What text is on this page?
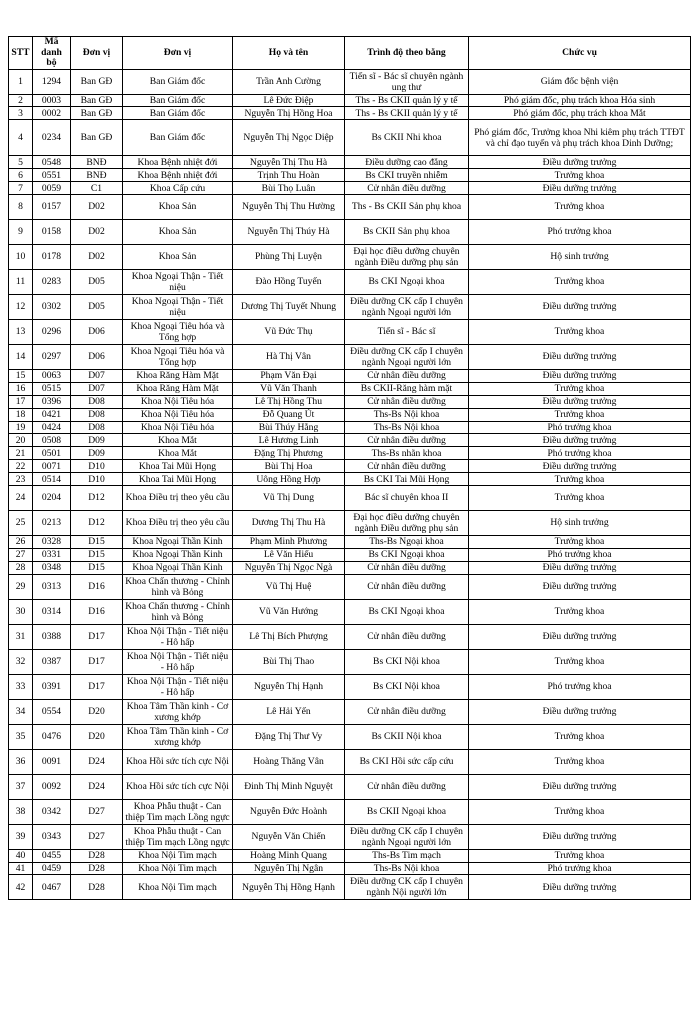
STT	Mã danh bộ	Đơn vị	Đơn vị	Họ và tên	Trình độ theo bằng	Chức vụ
1	1294	Ban GĐ	Ban Giám đốc	Trần Anh Cường	Tiến sĩ - Bác sĩ chuyên ngành ung thư	Giám đốc bệnh viện
2	0003	Ban GĐ	Ban Giám đốc	Lê Đức Điệp	Ths - Bs CKII quản lý y tế	Phó giám đốc, phụ trách khoa Hóa sinh
3	0002	Ban GĐ	Ban Giám đốc	Nguyễn Thị Hồng Hoa	Ths - Bs CKII quản lý y tế	Phó giám đốc, phụ trách khoa Mắt
4	0234	Ban GĐ	Ban Giám đốc	Nguyễn Thị Ngọc Diệp	Bs CKII Nhi khoa	Phó giám đốc, Trưởng khoa Nhi kiêm phụ trách TTĐT và chỉ đạo tuyến và phụ trách khoa Dinh Dưỡng;
5	0548	BNĐ	Khoa Bệnh nhiệt đới	Nguyễn Thị Thu Hà	Điều dưỡng cao đẳng	Điều dưỡng trưởng
6	0551	BNĐ	Khoa Bệnh nhiệt đới	Trịnh Thu Hoàn	Bs CKI truyền nhiễm	Trưởng khoa
7	0059	C1	Khoa Cấp cứu	Bùi Thọ Luân	Cử nhân điều dưỡng	Điều dưỡng trưởng
8	0157	D02	Khoa Sản	Nguyễn Thị Thu Hường	Ths - Bs CKII Sản phụ khoa	Trưởng khoa
9	0158	D02	Khoa Sản	Nguyễn Thị Thúy Hà	Bs CKII Sản phụ khoa	Phó trưởng khoa
10	0178	D02	Khoa Sản	Phùng Thị Luyện	Đại học điều dưỡng chuyên ngành Điều dưỡng phụ sản	Hộ sinh trưởng
11	0283	D05	Khoa Ngoại Thận - Tiết niệu	Đào Hồng Tuyến	Bs CKI Ngoại khoa	Trưởng khoa
12	0302	D05	Khoa Ngoại Thận - Tiết niệu	Dương Thị Tuyết Nhung	Điều dưỡng CK cấp I chuyên ngành Ngoại người lớn	Điều dưỡng trưởng
13	0296	D06	Khoa Ngoại Tiêu hóa và Tổng hợp	Vũ Đức Thụ	Tiến sĩ - Bác sĩ	Trưởng khoa
14	0297	D06	Khoa Ngoại Tiêu hóa và Tổng hợp	Hà Thị Vân	Điều dưỡng CK cấp I chuyên ngành Ngoại người lớn	Điều dưỡng trưởng
15	0063	D07	Khoa Răng Hàm Mặt	Phạm Văn Đại	Cử nhân điều dưỡng	Điều dưỡng trưởng
16	0515	D07	Khoa Răng Hàm Mặt	Vũ Văn Thanh	Bs CKII-Răng hàm mặt	Trưởng khoa
17	0396	D08	Khoa Nội Tiêu hóa	Lê Thị Hồng Thu	Cử nhân điều dưỡng	Điều dưỡng trưởng
18	0421	D08	Khoa Nội Tiêu hóa	Đỗ Quang Út	Ths-Bs Nội khoa	Trưởng khoa
19	0424	D08	Khoa Nội Tiêu hóa	Bùi Thúy Hằng	Ths-Bs Nội khoa	Phó trưởng khoa
20	0508	D09	Khoa Mắt	Lê Hương Linh	Cử nhân điều dưỡng	Điều dưỡng trưởng
21	0501	D09	Khoa Mắt	Đặng Thị Phương	Ths-Bs nhãn khoa	Phó trưởng khoa
22	0071	D10	Khoa Tai Mũi Họng	Bùi Thị Hoa	Cử nhân điều dưỡng	Điều dưỡng trưởng
23	0514	D10	Khoa Tai Mũi Họng	Uông Hồng Hợp	Bs CKI Tai Mũi Họng	Trưởng khoa
24	0204	D12	Khoa Điều trị theo yêu cầu	Vũ Thị Dung	Bác sĩ chuyên khoa II	Trưởng khoa
25	0213	D12	Khoa Điều trị theo yêu cầu	Dương Thị Thu Hà	Đại học điều dưỡng chuyên ngành Điều dưỡng phụ sản	Hộ sinh trưởng
26	0328	D15	Khoa Ngoại Thần Kinh	Phạm Minh Phương	Ths-Bs Ngoại khoa	Trưởng khoa
27	0331	D15	Khoa Ngoại Thần Kinh	Lê Văn Hiếu	Bs CKI Ngoại khoa	Phó trưởng khoa
28	0348	D15	Khoa Ngoại Thần Kinh	Nguyễn Thị Ngọc Ngà	Cử nhân điều dưỡng	Điều dưỡng trưởng
29	0313	D16	Khoa Chấn thương - Chỉnh hình và Bỏng	Vũ Thị Huệ	Cử nhân điều dưỡng	Điều dưỡng trưởng
30	0314	D16	Khoa Chấn thương - Chỉnh hình và Bỏng	Vũ Văn Hướng	Bs CKI Ngoại khoa	Trưởng khoa
31	0388	D17	Khoa Nội Thận - Tiết niệu - Hô hấp	Lê Thị Bích Phượng	Cử nhân điều dưỡng	Điều dưỡng trưởng
32	0387	D17	Khoa Nội Thận - Tiết niệu - Hô hấp	Bùi Thị Thao	Bs CKI Nội khoa	Trưởng khoa
33	0391	D17	Khoa Nội Thận - Tiết niệu - Hô hấp	Nguyễn Thị Hạnh	Bs CKI Nội khoa	Phó trưởng khoa
34	0554	D20	Khoa Tâm Thần kinh - Cơ xương khớp	Lê Hải Yến	Cử nhân điều dưỡng	Điều dưỡng trưởng
35	0476	D20	Khoa Tâm Thần kinh - Cơ xương khớp	Đặng Thị Thư Vy	Bs CKII Nội khoa	Trưởng khoa
36	0091	D24	Khoa Hồi sức tích cực Nội	Hoàng Thăng Vân	Bs CKI Hồi sức cấp cứu	Trưởng khoa
37	0092	D24	Khoa Hồi sức tích cực Nội	Đinh Thị Minh Nguyệt	Cử nhân điều dưỡng	Điều dưỡng trưởng
38	0342	D27	Khoa Phẫu thuật - Can thiệp Tim mạch Lồng ngực	Nguyễn Đức Hoành	Bs CKII Ngoại khoa	Trưởng khoa
39	0343	D27	Khoa Phẫu thuật - Can thiệp Tim mạch Lồng ngực	Nguyễn Văn Chiến	Điều dưỡng CK cấp I chuyên ngành Ngoại người lớn	Điều dưỡng trưởng
40	0455	D28	Khoa Nội Tim mạch	Hoàng Minh Quang	Ths-Bs Tim mạch	Trưởng khoa
41	0459	D28	Khoa Nội Tim mạch	Nguyễn Thị Ngân	Ths-Bs Nội khoa	Phó trưởng khoa
42	0467	D28	Khoa Nội Tim mạch	Nguyễn Thị Hồng Hạnh	Điều dưỡng CK cấp I chuyên ngành Nội người lớn	Điều dưỡng trưởng
